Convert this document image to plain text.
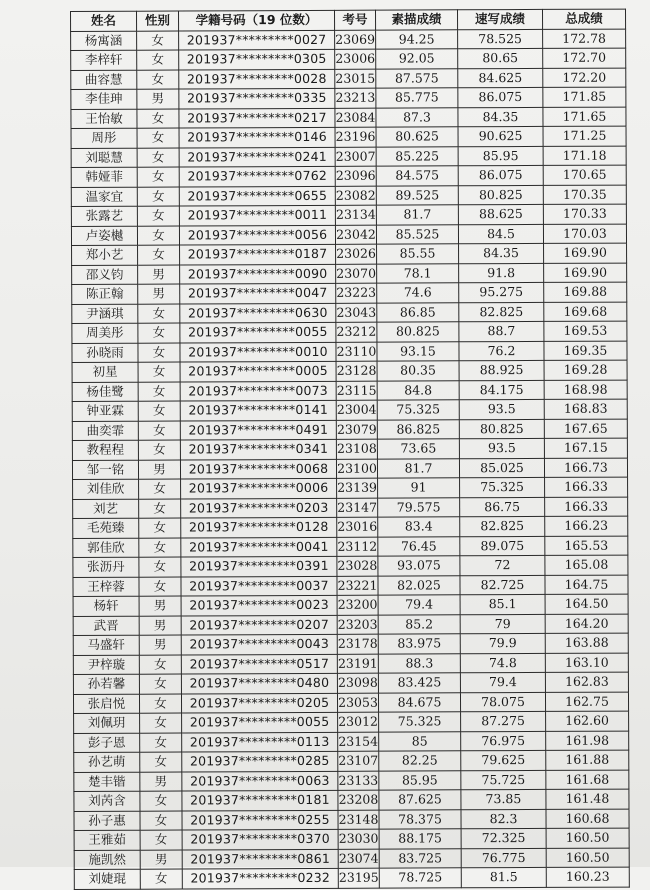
姓名	性别	学籍号码（19 位数）	考号	素描成绩	速写成绩	总成绩
杨寓涵	女	201937*********0027	23069	94.25	78.525	172.78
李梓轩	女	201937*********0305	23006	92.05	80.65	172.70
曲容慧	女	201937*********0028	23015	87.575	84.625	172.20
李佳珅	男	201937*********0335	23213	85.775	86.075	171.85
王怡敏	女	201937*********0217	23084	87.3	84.35	171.65
周彤	女	201937*********0146	23196	80.625	90.625	171.25
刘聪慧	女	201937*********0241	23007	85.225	85.95	171.18
韩娅菲	女	201937*********0762	23096	84.575	86.075	170.65
温家宜	女	201937*********0655	23082	89.525	80.825	170.35
张露艺	女	201937*********0011	23134	81.7	88.625	170.33
卢姿樾	女	201937*********0056	23042	85.525	84.5	170.03
郑小艺	女	201937*********0187	23026	85.55	84.35	169.90
邵义钧	男	201937*********0090	23070	78.1	91.8	169.90
陈正翰	男	201937*********0047	23223	74.6	95.275	169.88
尹涵琪	女	201937*********0630	23043	86.85	82.825	169.68
周美彤	女	201937*********0055	23212	80.825	88.7	169.53
孙晓雨	女	201937*********0010	23110	93.15	76.2	169.35
初星	女	201937*********0005	23128	80.35	88.925	169.28
杨佳鹭	女	201937*********0073	23115	84.8	84.175	168.98
钟亚霖	女	201937*********0141	23004	75.325	93.5	168.83
曲奕霏	女	201937*********0491	23079	86.825	80.825	167.65
教程程	女	201937*********0341	23108	73.65	93.5	167.15
邹一铭	男	201937*********0068	23100	81.7	85.025	166.73
刘佳欣	女	201937*********0006	23139	91	75.325	166.33
刘艺	女	201937*********0203	23147	79.575	86.75	166.33
毛苑臻	女	201937*********0128	23016	83.4	82.825	166.23
郭佳欣	女	201937*********0041	23112	76.45	89.075	165.53
张沥丹	女	201937*********0391	23028	93.075	72	165.08
王梓蓉	女	201937*********0037	23221	82.025	82.725	164.75
杨轩	男	201937*********0023	23200	79.4	85.1	164.50
武晋	男	201937*********0207	23203	85.2	79	164.20
马盛轩	男	201937*********0043	23178	83.975	79.9	163.88
尹梓璇	女	201937*********0517	23191	88.3	74.8	163.10
孙若馨	女	201937*********0480	23098	83.425	79.4	162.83
张启悦	女	201937*********0205	23053	84.675	78.075	162.75
刘佩玥	女	201937*********0055	23012	75.325	87.275	162.60
彭子恩	女	201937*********0113	23154	85	76.975	161.98
孙艺萌	女	201937*********0285	23107	82.25	79.625	161.88
楚丰锴	男	201937*********0063	23133	85.95	75.725	161.68
刘芮含	女	201937*********0181	23208	87.625	73.85	161.48
孙子惠	女	201937*********0255	23148	78.375	82.3	160.68
王雅茹	女	201937*********0370	23030	88.175	72.325	160.50
施凯然	男	201937*********0861	23074	83.725	76.775	160.50
刘婕琨	女	201937*********0232	23195	78.725	81.5	160.23
